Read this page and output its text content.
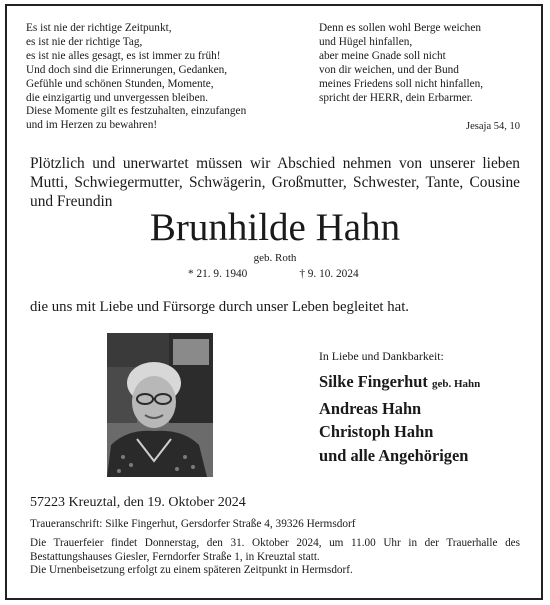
Es ist nie der richtige Zeitpunkt,
es ist nie der richtige Tag,
es ist nie alles gesagt, es ist immer zu früh!
Und doch sind die Erinnerungen, Gedanken,
Gefühle und schönen Stunden, Momente,
die einzigartig und unvergessen bleiben.
Diese Momente gilt es festzuhalten, einzufangen
und im Herzen zu bewahren!
Denn es sollen wohl Berge weichen
und Hügel hinfallen,
aber meine Gnade soll nicht
von dir weichen, und der Bund
meines Friedens soll nicht hinfallen,
spricht der HERR, dein Erbarmer.
Jesaja 54, 10
Plötzlich und unerwartet müssen wir Abschied nehmen von unserer lieben
Mutti, Schwiegermutter, Schwägerin, Großmutter, Schwester, Tante, Cousine
und Freundin
Brunhilde Hahn
geb. Roth
* 21. 9. 1940	† 9. 10. 2024
die uns mit Liebe und Fürsorge durch unser Leben begleitet hat.
In Liebe und Dankbarkeit:
Silke Fingerhut geb. Hahn
Andreas Hahn
Christoph Hahn
und alle Angehörigen
57223 Kreuztal, den 19. Oktober 2024
Traueranschrift: Silke Fingerhut, Gersdorfer Straße 4, 39326 Hermsdorf
Die Trauerfeier findet Donnerstag, den 31. Oktober 2024, um 11.00 Uhr in der Trauerhalle des
Bestattungshauses Giesler, Ferndorfer Straße 1, in Kreuztal statt.
Die Urnenbeisetzung erfolgt zu einem späteren Zeitpunkt in Hermsdorf.
